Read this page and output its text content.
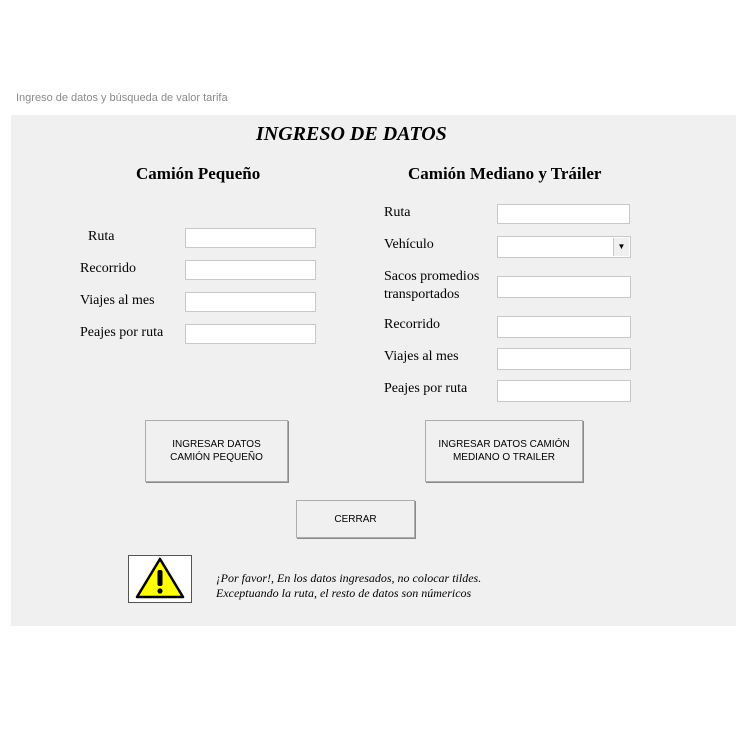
Ingreso de datos y búsqueda de valor tarifa
INGRESO DE DATOS
Camión Pequeño
Ruta
Recorrido
Viajes al mes
Peajes por ruta
Camión Mediano y Tráiler
Ruta
Vehículo	▼
Sacos promedios
transportados
Recorrido
Viajes al mes
Peajes por ruta
INGRESAR DATOS
CAMIÓN PEQUEÑO
INGRESAR DATOS CAMIÓN
MEDIANO O TRAILER
CERRAR
¡Por favor!, En los datos ingresados, no colocar tildes.
Exceptuando la ruta, el resto de datos son númericos
